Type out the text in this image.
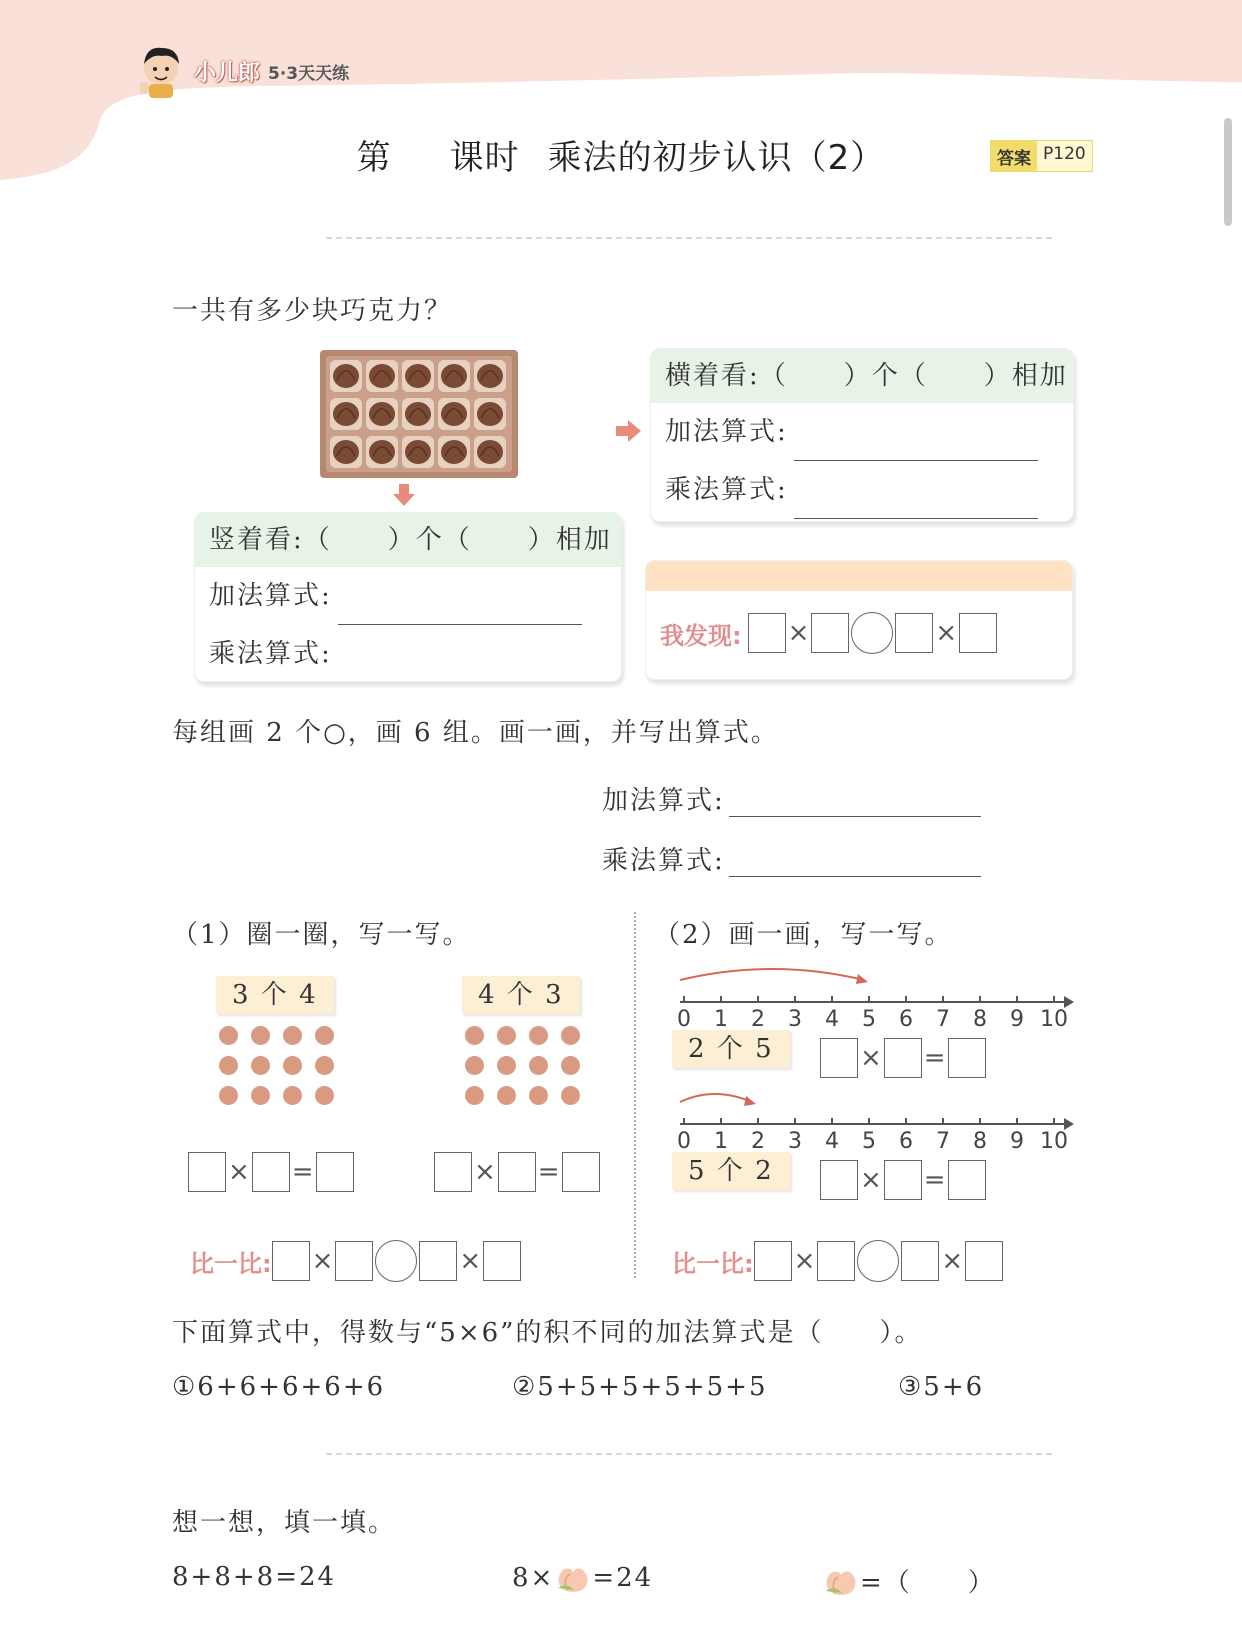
小儿郎 5·3天天练
第 课时 乘法的初步认识（2）	答案 P120
一共有多少块巧克力？
横着看:（　　）个（　　）相加
加法算式:
乘法算式:
竖着看:（　　）个（　　）相加
加法算式:
乘法算式:
我发现: ×	×
每组画 2 个○，画 6 组。画一画，并写出算式。
加法算式:
乘法算式:
（1）圈一圈，写一写。	（2）画一画，写一写。
3 个 4	4 个 3
× =	× =
比一比: ×	×
0 1 2 3 4 5 6 7 8 9 10
2 个 5	× =
0 1 2 3 4 5 6 7 8 9 10
5 个 2	× =
比一比: ×	×
下面算式中，得数与“5×6”的积不同的加法算式是（　　）。
①6+6+6+6+6	②5+5+5+5+5+5	③5+6
想一想，填一填。
8+8+8=24	8× =24	=（　　）
